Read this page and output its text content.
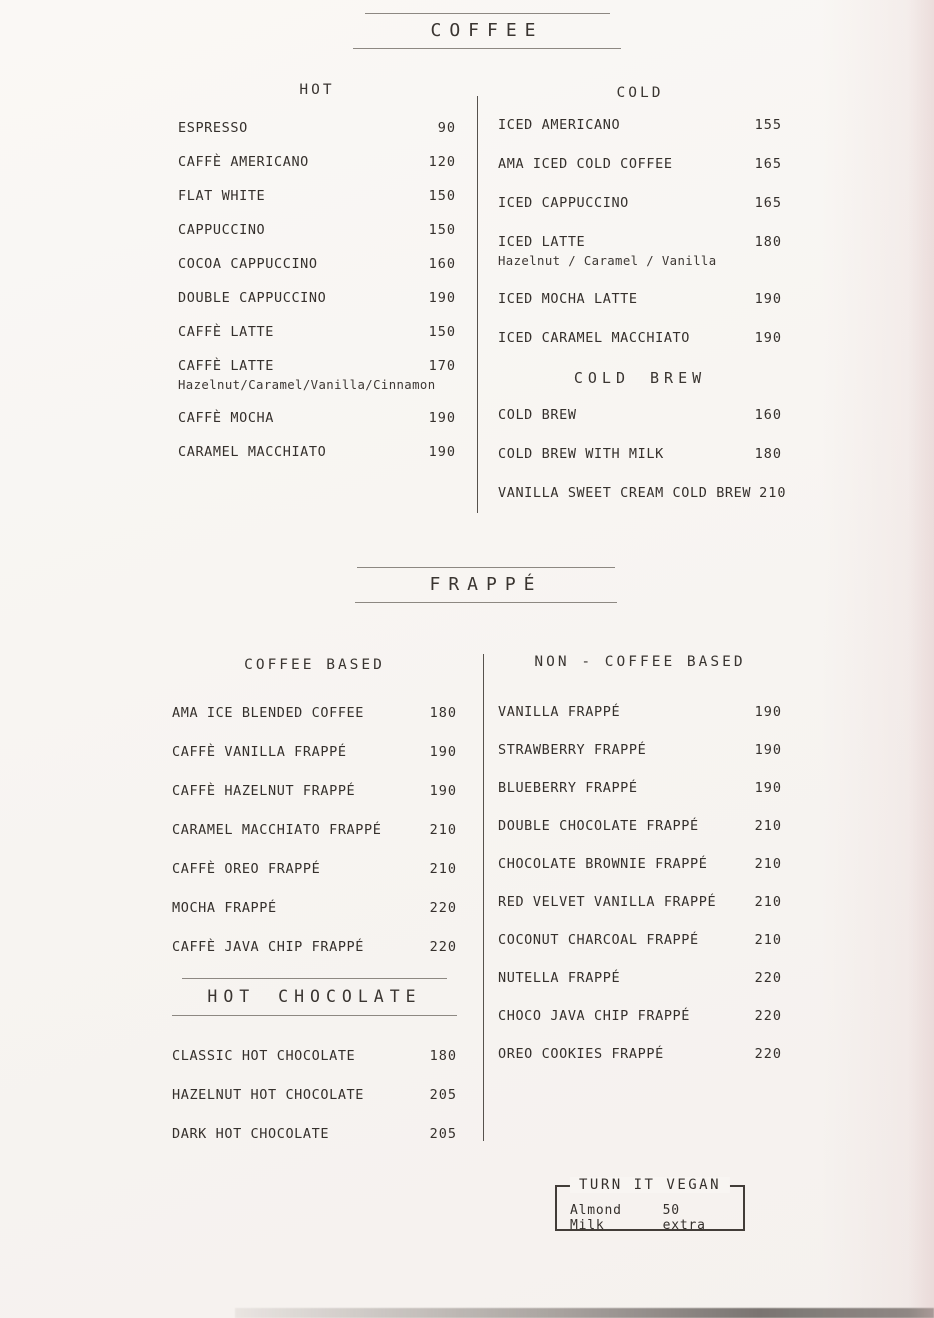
COFFEE
HOT
ESPRESSO	90
CAFFÈ AMERICANO	120
FLAT WHITE	150
CAPPUCCINO	150
COCOA CAPPUCCINO	160
DOUBLE CAPPUCCINO	190
CAFFÈ LATTE	150
CAFFÈ LATTE	170
Hazelnut/Caramel/Vanilla/Cinnamon
CAFFÈ MOCHA	190
CARAMEL MACCHIATO	190
COLD
ICED AMERICANO	155
AMA ICED COLD COFFEE	165
ICED CAPPUCCINO	165
ICED LATTE	180
Hazelnut / Caramel / Vanilla
ICED MOCHA LATTE	190
ICED CARAMEL MACCHIATO	190
COLD BREW
COLD BREW	160
COLD BREW WITH MILK	180
VANILLA SWEET CREAM COLD BREW 210
FRAPPÉ
COFFEE BASED
AMA ICE BLENDED COFFEE	180
CAFFÈ VANILLA FRAPPÉ	190
CAFFÈ HAZELNUT FRAPPÉ	190
CARAMEL MACCHIATO FRAPPÉ	210
CAFFÈ OREO FRAPPÉ	210
MOCHA FRAPPÉ	220
CAFFÈ JAVA CHIP FRAPPÉ	220
HOT CHOCOLATE
CLASSIC HOT CHOCOLATE	180
HAZELNUT HOT CHOCOLATE	205
DARK HOT CHOCOLATE	205
NON - COFFEE BASED
VANILLA FRAPPÉ	190
STRAWBERRY FRAPPÉ	190
BLUEBERRY FRAPPÉ	190
DOUBLE CHOCOLATE FRAPPÉ	210
CHOCOLATE BROWNIE FRAPPÉ	210
RED VELVET VANILLA FRAPPÉ	210
COCONUT CHARCOAL FRAPPÉ	210
NUTELLA FRAPPÉ	220
CHOCO JAVA CHIP FRAPPÉ	220
OREO COOKIES FRAPPÉ	220
TURN IT VEGAN
Almond Milk
50 extra
